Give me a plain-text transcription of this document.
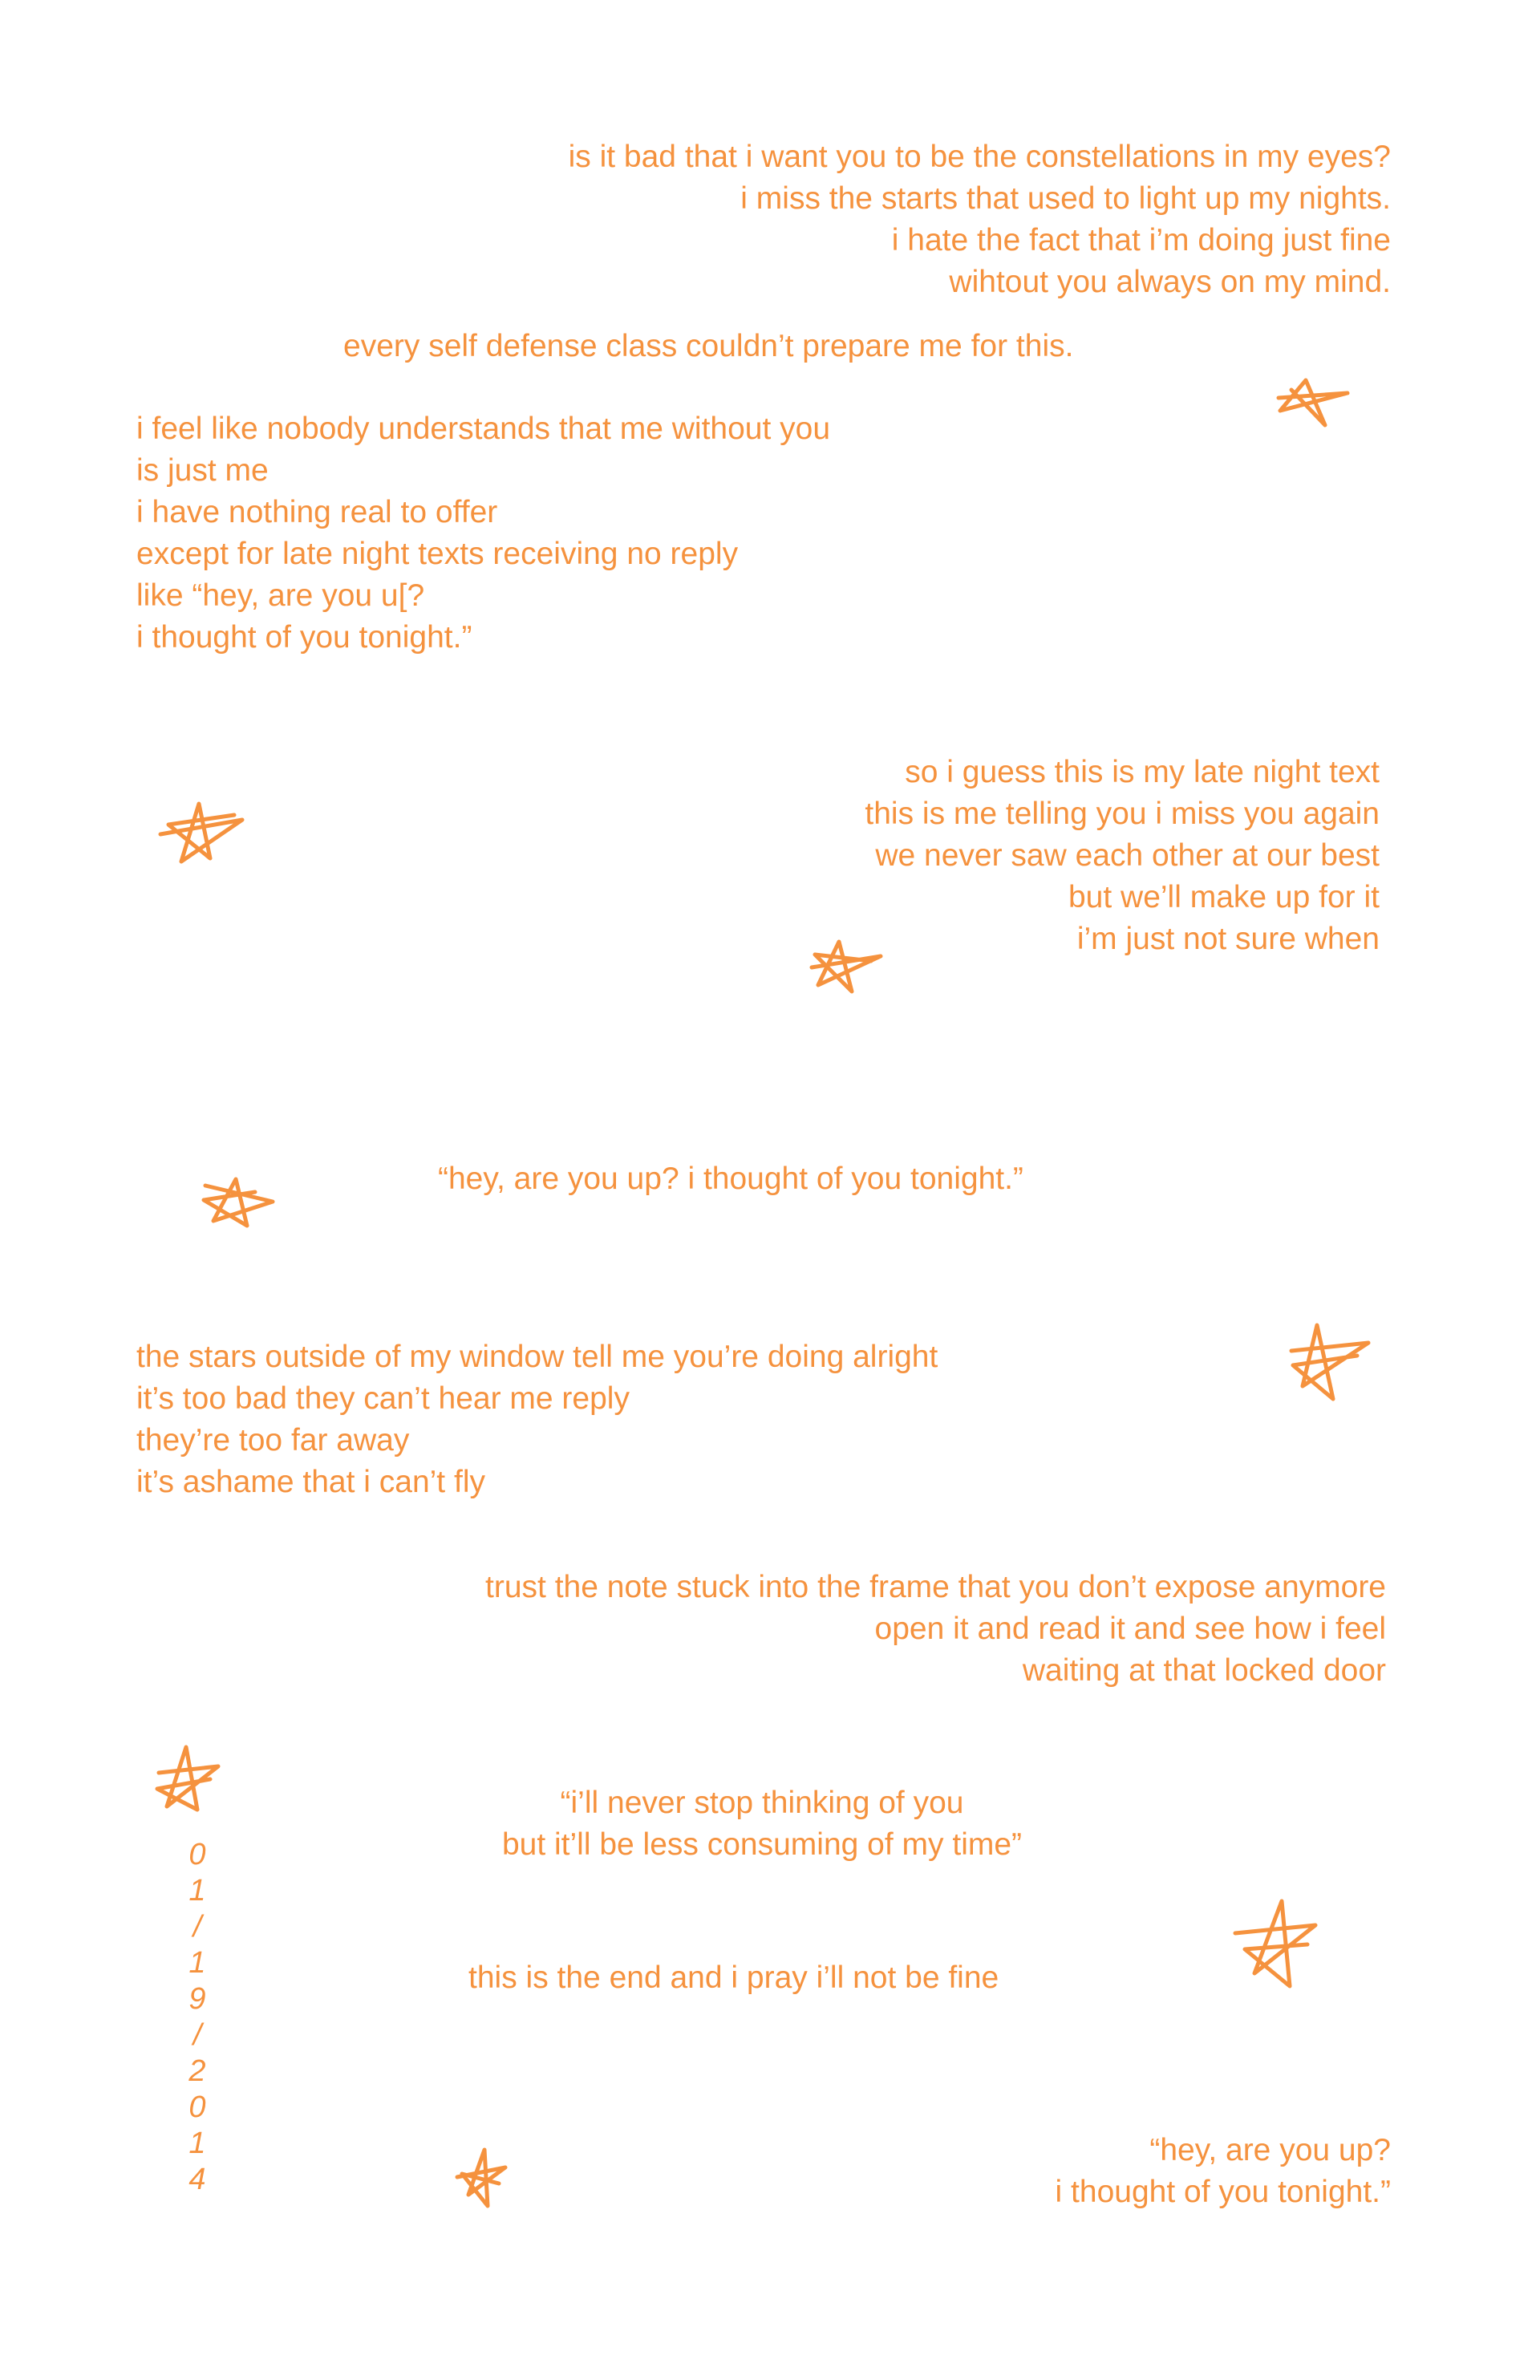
is it bad that i want you to be the constellations in my eyes?
i miss the starts that used to light up my nights.
i hate the fact that i’m doing just fine
wihtout you always on my mind.

every self defense class couldn’t prepare me for this.

i feel like nobody understands that me without you
is just me
i have nothing real to offer
except for late night texts receiving no reply
like “hey, are you u[?
i thought of you tonight.”
so i guess this is my late night text
this is me telling you i miss you again
we never saw each other at our best
but we’ll make up for it
i’m just not sure when

“hey, are you up? i thought of you tonight.”

the stars outside of my window tell me you’re doing alright
it’s too bad they can’t hear me reply
they’re too far away
it’s ashame that i can’t fly
trust the note stuck into the frame that you don’t expose anymore
open it and read it and see how i feel
waiting at that locked door
“i’ll never stop thinking of you
but it’ll be less consuming of my time”

this is the end and i pray i’ll not be fine

“hey, are you up?
i thought of you tonight.”
0
1
/
1
9
/
2
0
1
4
